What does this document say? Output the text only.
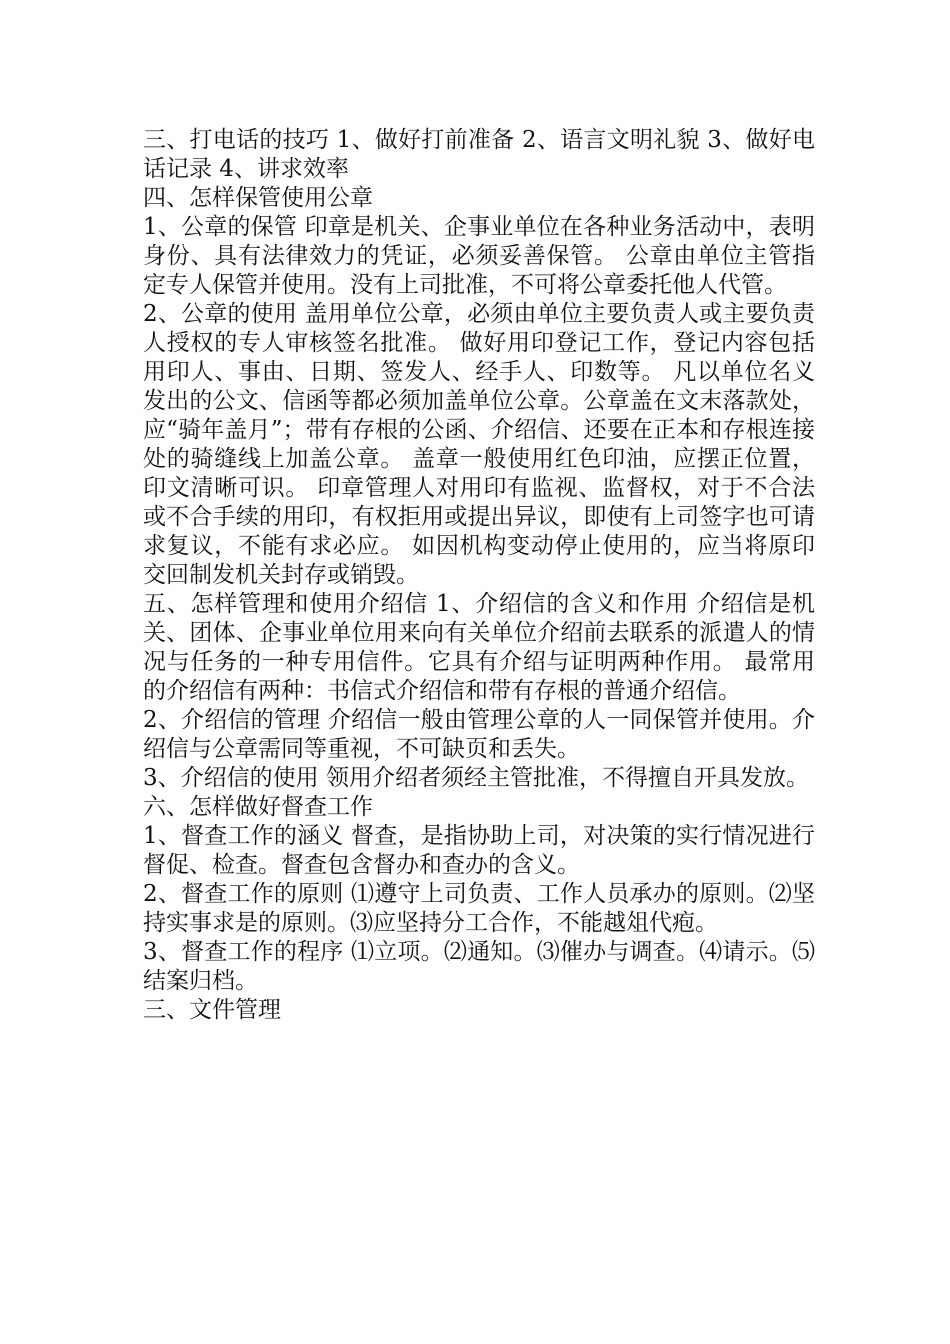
三、打电话的技巧 1、做好打前准备 2、语言文明礼貌 3、做好电话记录 4、讲求效率

四、怎样保管使用公章

1、公章的保管 印章是机关、企事业单位在各种业务活动中，表明身份、具有法律效力的凭证，必须妥善保管。 公章由单位主管指定专人保管并使用。没有上司批准，不可将公章委托他人代管。

2、公章的使用 盖用单位公章，必须由单位主要负责人或主要负责人授权的专人审核签名批准。 做好用印登记工作，登记内容包括用印人、事由、日期、签发人、经手人、印数等。 凡以单位名义发出的公文、信函等都必须加盖单位公章。公章盖在文末落款处，应“骑年盖月”；带有存根的公函、介绍信、还要在正本和存根连接处的骑缝线上加盖公章。 盖章一般使用红色印油，应摆正位置，印文清晰可识。 印章管理人对用印有监视、监督权，对于不合法或不合手续的用印，有权拒用或提出异议，即使有上司签字也可请求复议，不能有求必应。 如因机构变动停止使用的，应当将原印交回制发机关封存或销毁。

五、怎样管理和使用介绍信 1、介绍信的含义和作用 介绍信是机关、团体、企事业单位用来向有关单位介绍前去联系的派遣人的情况与任务的一种专用信件。它具有介绍与证明两种作用。 最常用的介绍信有两种：书信式介绍信和带有存根的普通介绍信。

2、介绍信的管理 介绍信一般由管理公章的人一同保管并使用。介绍信与公章需同等重视，不可缺页和丢失。

3、介绍信的使用 领用介绍者须经主管批准，不得擅自开具发放。

六、怎样做好督查工作

1、督查工作的涵义 督查，是指协助上司，对决策的实行情况进行督促、检查。督查包含督办和查办的含义。

2、督查工作的原则 ⑴遵守上司负责、工作人员承办的原则。⑵坚持实事求是的原则。⑶应坚持分工合作，不能越俎代疱。

3、督查工作的程序 ⑴立项。⑵通知。⑶催办与调查。⑷请示。⑸结案归档。

三、文件管理
